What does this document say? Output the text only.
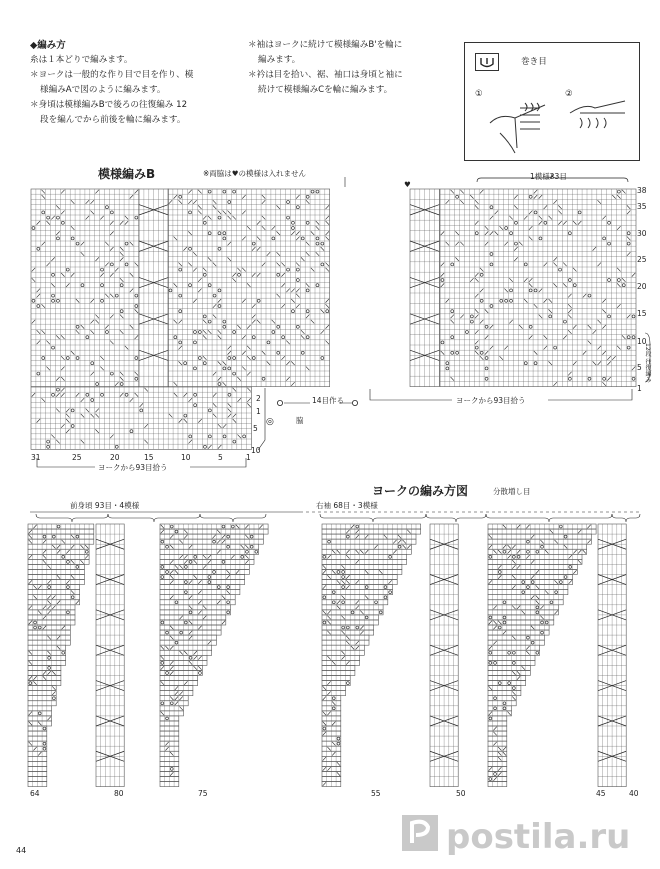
◆編み方
糸は１本どりで編みます。
＊ヨークは一般的な作り目で目を作り、模
様編みAで図のように編みます。
＊身頃は模様編みBで後ろの往復編み 12
段を編んでから前後を輪に編みます。
＊袖はヨークに続けて模様編みB'を輪に
編みます。
＊衿は目を拾い、裾、袖口は身頃と袖に
続けて模様編みCを輪に編みます。
巻き目
①	②
模様編みB	※両脇は♥の模様は入れません
♥
1模様23目
12段 往復編み
38
35
30
25
20
15
10
5
1
2
1
5
10
◎
31	25	20	15	10	5	1
ヨークから93目拾う
ヨークから93目拾う
14目作る
脇
ヨークの編み方図	分散増し目
前身頃 93目・4模様	右袖 68目・3模様
64	80	75	55	50	45	40
44	postila.ru
